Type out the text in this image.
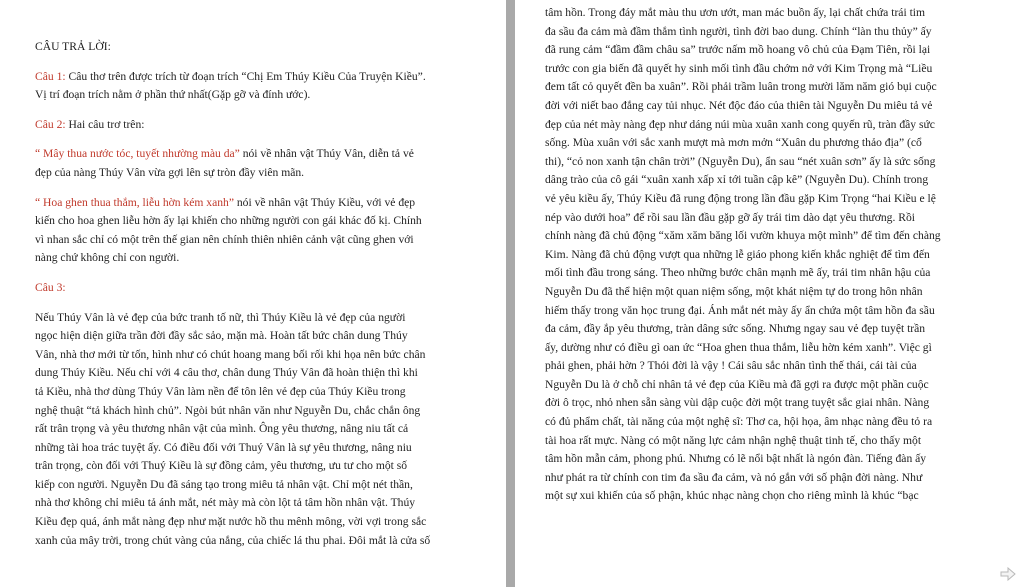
CÂU TRẢ LỜI:

Câu 1: Câu thơ trên được trích từ đoạn trích “Chị Em Thúy Kiều Của Truyện Kiều”.

Vị trí đoạn trích nằm ở phần thứ nhất(Gặp gỡ và đính ước).

Câu 2: Hai câu trơ trên:

“ Mây thua nước tóc, tuyết nhường màu da” nói về nhân vật Thúy Vân, diễn tả vẻ

đẹp của nàng Thúy Vân vừa gợi lên sự tròn đầy viên mãn.

“ Hoa ghen thua thắm, liễu hờn kém xanh” nói về nhân vật Thúy Kiều, với vẻ đẹp

kiến cho hoa ghen liễu hờn ấy lại khiến cho những người con gái khác đố kị. Chính

vì nhan sắc chỉ có một trên thế gian nên chính thiên nhiên cảnh vật cũng ghen với

nàng chứ không chỉ con người.

Câu 3:

Nếu Thúy Vân là vẻ đẹp của bức tranh tố nữ, thì Thúy Kiều là vẻ đẹp của người

ngọc hiện diện giữa trần đời đầy sắc sảo, mặn mà. Hoàn tất bức chân dung Thúy

Vân, nhà thơ mới từ tốn, hình như có chút hoang mang bối rối khi họa nên bức chân

dung Thúy Kiều. Nếu chỉ với 4 câu thơ, chân dung Thúy Vân đã hoàn thiện thì khi

tả Kiều, nhà thơ dùng Thúy Vân làm nền để tôn lên vẻ đẹp của Thúy Kiều trong

nghệ thuật “tả khách hình chủ”. Ngòi bút nhân văn như Nguyễn Du, chắc chắn ông

rất trân trọng và yêu thương nhân vật của mình. Ông yêu thương, nâng niu tất cả

những tài hoa trác tuyệt ấy. Có điều đối với Thuý Vân là sự yêu thương, nâng niu

trân trọng, còn đối với Thuý Kiều là sự đồng cảm, yêu thương, ưu tư cho một số

kiếp con người. Nguyễn Du đã sáng tạo trong miêu tả nhân vật. Chỉ một nét thần,

nhà thơ không chỉ miêu tả ánh mắt, nét mày mà còn lột tả tâm hồn nhân vật. Thúy

Kiều đẹp quá, ánh mắt nàng đẹp như mặt nước hồ thu mênh mông, vời vợi trong sắc

xanh của mây trời, trong chút vàng của nắng, của chiếc lá thu phai. Đôi mắt là cửa số

tâm hồn. Trong đáy mắt màu thu ươn ướt, man mác buồn ấy, lại chất chứa trái tim

đa sầu đa cảm mà đầm thắm tình người, tình đời bao dung. Chính “làn thu thủy” ấy

đã rung cảm “đầm đầm châu sa” trước nấm mồ hoang vô chủ của Đạm Tiên, rồi lại

trước con gia biến đã quyết hy sinh mối tình đầu chớm nở với Kim Trọng mà “Liều

đem tất cỏ quyết đền ba xuân”. Rồi phải trầm luân trong mười lăm năm gió bụi cuộc

đời với niết bao đắng cay tủi nhục. Nét độc đáo của thiên tài Nguyễn Du miêu tả vẻ

đẹp của nét mày nàng đẹp như dáng núi mùa xuân xanh cong quyến rũ, tràn đầy sức

sống. Mùa xuân với sắc xanh mượt mà mơn mởn “Xuân du phương thảo địa” (cổ

thi), “cỏ non xanh tận chân trời” (Nguyễn Du), ẩn sau “nét xuân sơn” ấy là sức sống

dâng trào của cô gái “xuân xanh xấp xỉ tới tuần cập kê” (Nguyễn Du). Chính trong

vẻ yêu kiều ấy, Thúy Kiều đã rung động trong lần đầu gặp Kim Trọng “hai Kiều e lệ

nép vào dưới hoa” để rồi sau lần đầu gặp gỡ ấy trái tim dào dạt yêu thương. Rồi

chính nàng đã chủ động “xăm xăm băng lối vườn khuya một mình” để tìm đến chàng

Kim. Nàng đã chủ động vượt qua những lễ giáo phong kiến khắc nghiệt để tìm đến

mối tình đầu trong sáng. Theo những bước chân mạnh mẽ ấy, trái tim nhân hậu của

Nguyễn Du đã thể hiện một quan niệm sống, một khát niệm tự do trong hôn nhân

hiếm thấy trong văn học trung đại. Ánh mắt nét mày ấy ẩn chứa một tâm hồn đa sầu

đa cảm, đầy ắp yêu thương, tràn dâng sức sống. Nhưng ngay sau vẻ đẹp tuyệt trần

ấy, dường như có điều gì oan ức “Hoa ghen thua thắm, liễu hờn kém xanh”. Việc gì

phải ghen, phải hờn ? Thói đời là vậy ! Cái sâu sắc nhân tình thế thái, cái tài của

Nguyễn Du là ở chỗ chỉ nhân tả vẻ đẹp của Kiều mà đã gợi ra được một phần cuộc

đời ô trọc, nhỏ nhen sẵn sàng vùi dập cuộc đời một trang tuyệt sắc giai nhân. Nàng

có đủ phẩm chất, tài năng của một nghệ sĩ: Thơ ca, hội họa, âm nhạc nàng đều tỏ ra

tài hoa rất mực. Nàng có một năng lực cảm nhận nghệ thuật tinh tế, cho thấy một

tâm hồn mẫn cảm, phong phú. Nhưng có lẽ nổi bật nhất là ngón đàn. Tiếng đàn ấy

như phát ra từ chính con tim đa sầu đa cảm, và nó gắn với số phận đời nàng. Như

một sự xui khiến của số phận, khúc nhạc nàng chọn cho riêng mình là khúc “bạc
